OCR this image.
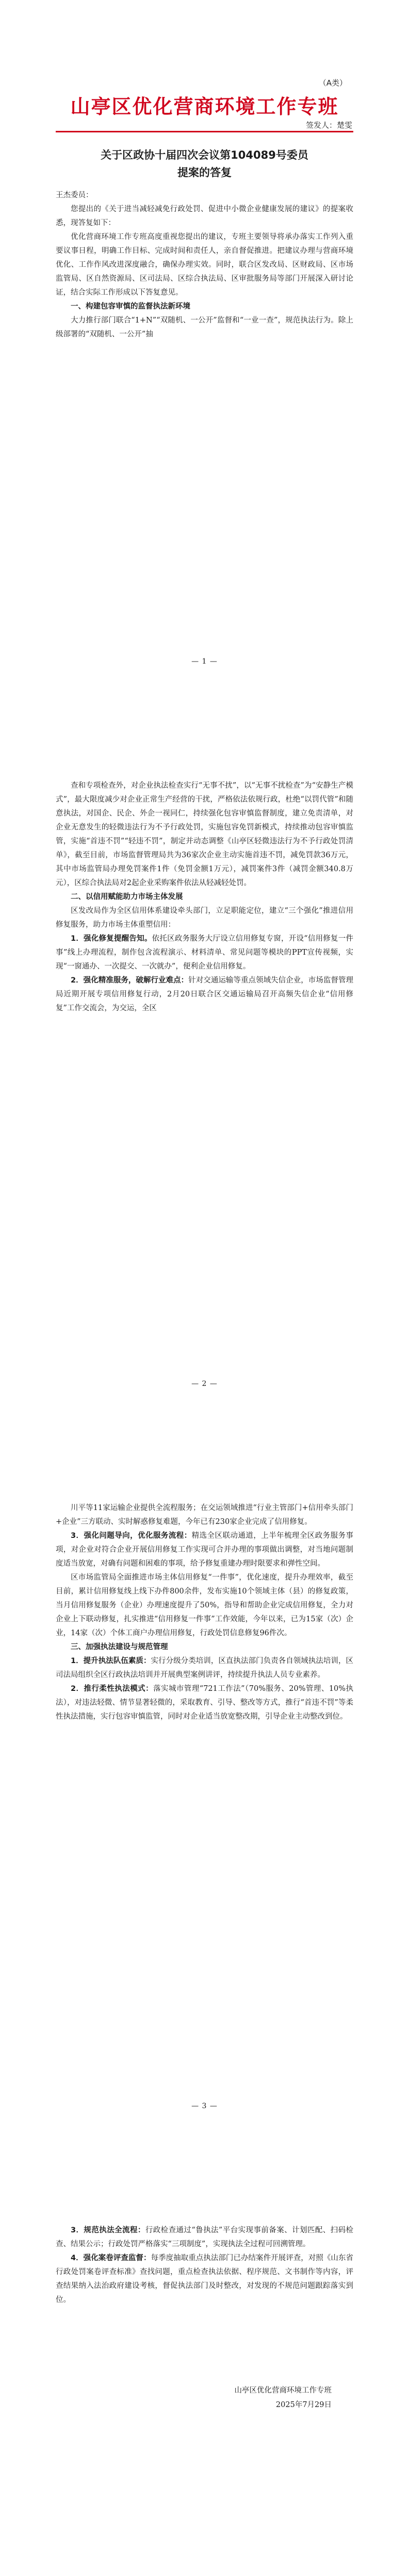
（A类）
山亭区优化营商环境工作专班
签发人：楚雯
关于区政协十届四次会议第104089号委员
提案的答复

王杰委员：

您提出的《关于进当减轻减免行政处罚、促进中小微企业健康发展的建议》的提案收悉，现答复如下：

优化营商环境工作专班高度重视您提出的建议，专班主要领导将承办落实工作列入重要议事日程，明确工作目标、完成时间和责任人，亲自督促推进。把建议办理与营商环境优化、工作作风改进深度融合，确保办理实效。同时，联合区发改局、区财政局、区市场监管局、区自然资源局、区司法局、区综合执法局、区审批服务局等部门开展深入研讨论证，结合实际工作形成以下答复意见。

一、构建包容审慎的监督执法新环境

大力推行部门联合“1+N”“双随机、一公开”监督和“一业一查”，规范执法行为。除上级部署的“双随机、一公开”抽

— 1 —

查和专项检查外，对企业执法检查实行“无事不扰”，以“无事不扰检查”为“安静生产模式”，最大限度减少对企业正常生产经营的干扰，严格依法依规行政，杜绝“以罚代管”和随意执法，对国企、民企、外企一视同仁，持续强化包容审慎监督制度，建立免责清单，对企业无意发生的轻微违法行为不予行政处罚，实施包容免罚新模式，持续推动包容审慎监管，实施“首违不罚”“轻违不罚”，制定并动态调整《山亭区轻微违法行为不予行政处罚清单》，截至目前，市场监督管理局共为36家次企业主动实施首违不罚，减免罚款36万元，其中市场监管局办理免罚案件1件（免罚金额1万元），减罚案件3件（减罚金额340.8万元），区综合执法局对2起企业采购案件依法从轻减轻处罚。

二、以信用赋能助力市场主体发展

区发改局作为全区信用体系建设牵头部门，立足职能定位，建立“三个强化”推进信用修复服务，助力市场主体重塑信用：

1．强化修复提醒告知。依托区政务服务大厅设立信用修复专窗，开设“信用修复一件事”线上办理流程，制作包含流程演示、材料清单、常见问题等模块的PPT宣传视频，实现“一窗通办、一次提交、一次就办”，便利企业信用修复。

2．强化精准服务，破解行业难点：针对交通运输等重点领域失信企业，市场监督管理局近期开展专项信用修复行动，2月20日联合区交通运输局召开高频失信企业“信用修复”工作交流会，为交运，全区

— 2 —

川平等11家运输企业提供全流程服务；在交运领域推进“行业主管部门+信用牵头部门+企业”三方联动、实时解惑修复难题，今年已有230家企业完成了信用修复。

3．强化问题导向，优化服务流程：精选全区联动通道，上半年梳理全区政务服务事项，对企业对符合企业开展信用修复工作实现可合并办理的事项做出调整，对当地问题制度适当放宽，对确有问题和困难的事项，给予修复重建办理时限要求和弹性空间。

区市场监管局全面推进市场主体信用修复“一件事”，优化速度，提升办理效率，截至目前，累计信用修复线上线下办件800余件，发布实施10个领域主体（县）的修复政策，当月信用修复服务（企业）办理速度提升了50%，指导和帮助企业完成信用修复，全力对企业上下联动修复，扎实推进“信用修复一件事”工作效能，今年以来，已为15家（次）企业，14家（次）个体工商户办理信用修复，行政处罚信息修复96件次。

三、加强执法建设与规范管理

1．提升执法队伍素质：实行分级分类培训，区直执法部门负责各自领域执法培训，区司法局组织全区行政执法培训并开展典型案例讲评，持续提升执法人员专业素养。

2．推行柔性执法模式：落实城市管理“721工作法”（70%服务、20%管理、10%执法），对违法轻微、情节显著轻微的，采取教育、引导、整改等方式，推行“首违不罚”等柔性执法措施，实行包容审慎监管，同时对企业适当放宽整改期，引导企业主动整改到位。

— 3 —

3．规范执法全流程：行政检查通过“鲁执法”平台实现事前备案、计划匹配、扫码检查、结果公示；行政处罚严格落实“三项制度”，实现执法全过程可回溯管理。

4．强化案卷评查监督：每季度抽取重点执法部门已办结案件开展评查，对照《山东省行政处罚案卷评查标准》查找问题，重点检查执法依据、程序规范、文书制作等内容，评查结果纳入法治政府建设考核，督促执法部门及时整改，对发现的不规范问题跟踪落实到位。

山亭区优化营商环境工作专班
2025年7月29日
